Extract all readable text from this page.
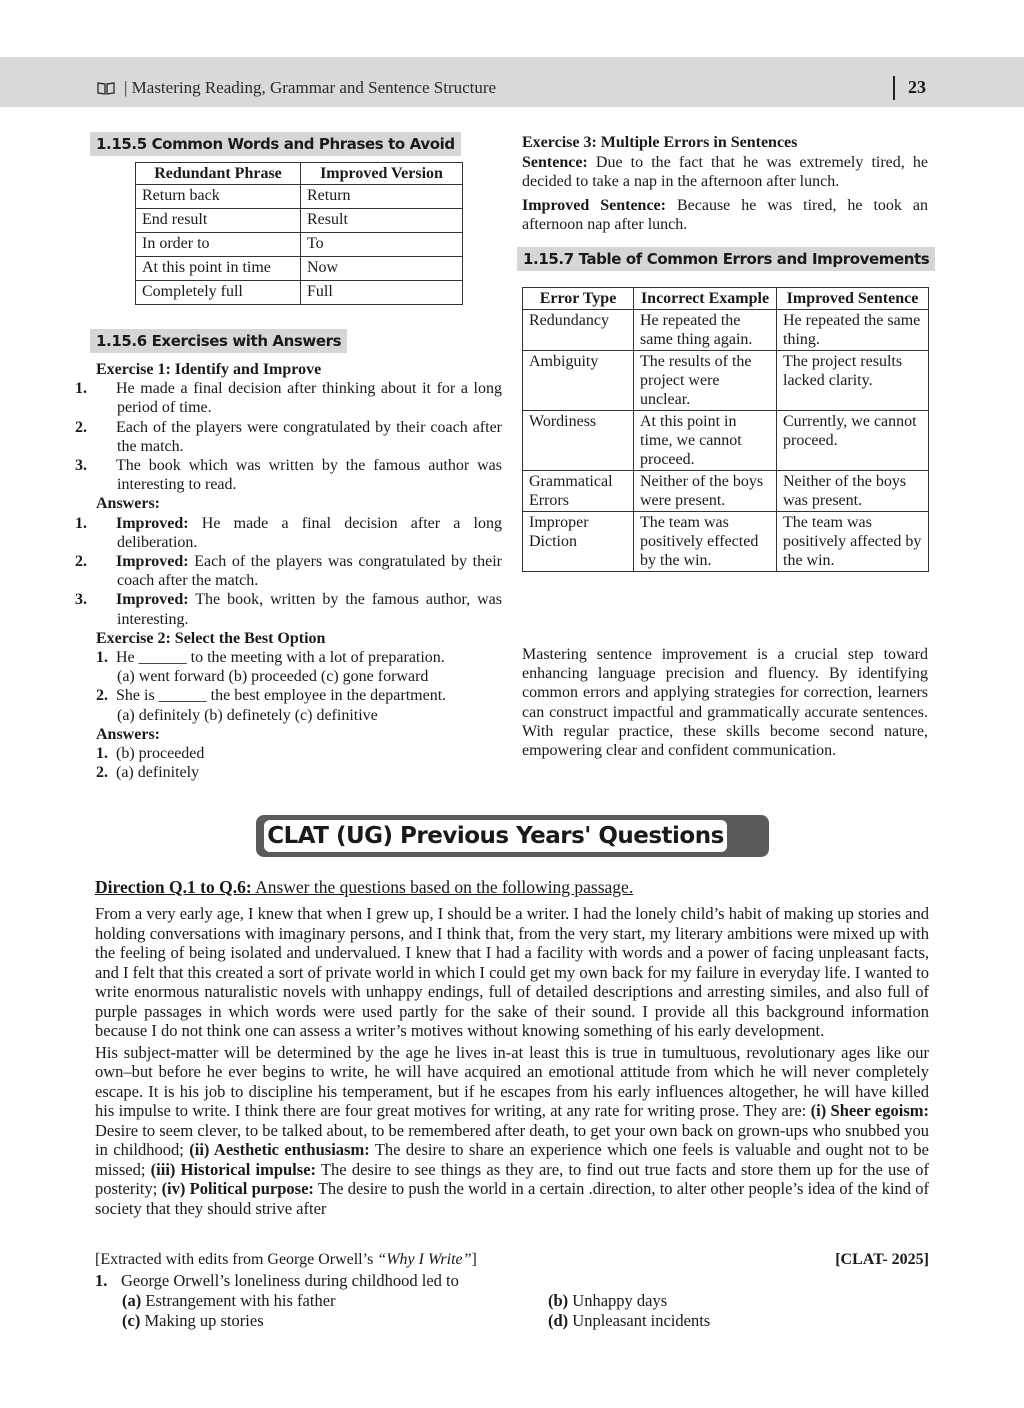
| Mastering Reading, Grammar and Sentence Structure	23
1.15.5 Common Words and Phrases to Avoid
Redundant Phrase	Improved Version
Return back	Return
End result	Result
In order to	To
At this point in time	Now
Completely full	Full
1.15.6 Exercises with Answers

Exercise 1: Identify and Improve

1. He made a final decision after thinking about it for a long period of time.

2. Each of the players were congratulated by their coach after the match.

3. The book which was written by the famous author was interesting to read.

Answers:

1. Improved: He made a final decision after a long deliberation.

2. Improved: Each of the players was congratulated by their coach after the match.

3. Improved: The book, written by the famous author, was interesting.

Exercise 2: Select the Best Option

1. He ______ to the meeting with a lot of preparation.

(a) went forward (b) proceeded (c) gone forward

2. She is ______ the best employee in the department.

(a) definitely (b) definetely (c) definitive

Answers:

1. (b) proceeded

2. (a) definitely

Exercise 3: Multiple Errors in Sentences

Sentence: Due to the fact that he was extremely tired, he decided to take a nap in the afternoon after lunch.

Improved Sentence: Because he was tired, he took an afternoon nap after lunch.

1.15.7 Table of Common Errors and Improvements
Error Type	Incorrect Example	Improved Sentence
Redundancy	He repeated the same thing again.	He repeated the same thing.
Ambiguity	The results of the project were unclear.	The project results lacked clarity.
Wordiness	At this point in time, we cannot proceed.	Currently, we cannot proceed.
Grammatical Errors	Neither of the boys were present.	Neither of the boys was present.
Improper Diction	The team was positively effected by the win.	The team was positively affected by the win.
Mastering sentence improvement is a crucial step toward enhancing language precision and fluency. By identifying common errors and applying strategies for correction, learners can construct impactful and grammatically accurate sentences. With regular practice, these skills become second nature, empowering clear and confident communication.
CLAT (UG) Previous Years' Questions
Direction Q.1 to Q.6: Answer the questions based on the following passage.

From a very early age, I knew that when I grew up, I should be a writer. I had the lonely child’s habit of making up stories and holding conversations with imaginary persons, and I think that, from the very start, my literary ambitions were mixed up with the feeling of being isolated and undervalued. I knew that I had a facility with words and a power of facing unpleasant facts, and I felt that this created a sort of private world in which I could get my own back for my failure in everyday life. I wanted to write enormous naturalistic novels with unhappy endings, full of detailed descriptions and arresting similes, and also full of purple passages in which words were used partly for the sake of their sound. I provide all this background information because I do not think one can assess a writer’s motives without knowing something of his early development.

His subject-matter will be determined by the age he lives in-at least this is true in tumultuous, revolutionary ages like our own–but before he ever begins to write, he will have acquired an emotional attitude from which he will never completely escape. It is his job to discipline his temperament, but if he escapes from his early influences altogether, he will have killed his impulse to write. I think there are four great motives for writing, at any rate for writing prose. They are: (i) Sheer egoism: Desire to seem clever, to be talked about, to be remembered after death, to get your own back on grown-ups who snubbed you in childhood; (ii) Aesthetic enthusiasm: The desire to share an experience which one feels is valuable and ought not to be missed; (iii) Historical impulse: The desire to see things as they are, to find out true facts and store them up for the use of posterity; (iv) Political purpose: The desire to push the world in a certain .direction, to alter other people’s idea of the kind of society that they should strive after

[Extracted with edits from George Orwell’s “Why I Write”]	[CLAT- 2025]
1. George Orwell’s loneliness during childhood led to
(a) Estrangement with his father	(b) Unhappy days
(c) Making up stories	(d) Unpleasant incidents
